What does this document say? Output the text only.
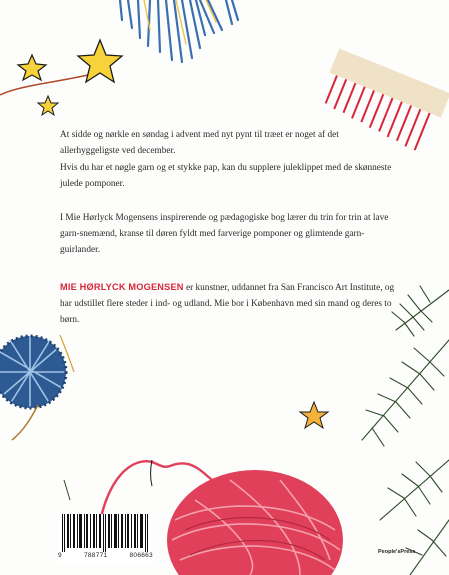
At sidde og nørkle en søndag i advent med nyt pynt til træet er noget af det allerhyggeligste ved december.

Hvis du har et nøgle garn og et stykke pap, kan du supplere juleklippet med de skønneste julede pomponer.

I Mie Hørlyck Mogensens inspirerende og pædagogiske bog lærer du trin for trin at lave garn-snemænd, kranse til døren fyldt med farverige pomponer og glimtende garn-guirlander.

MIE HØRLYCK MOGENSEN er kunstner, uddannet fra San Francisco Art Institute, og har udstillet flere steder i ind- og udland. Mie bor i København med sin mand og deres to børn.

9	788771	806663	People'sPress
